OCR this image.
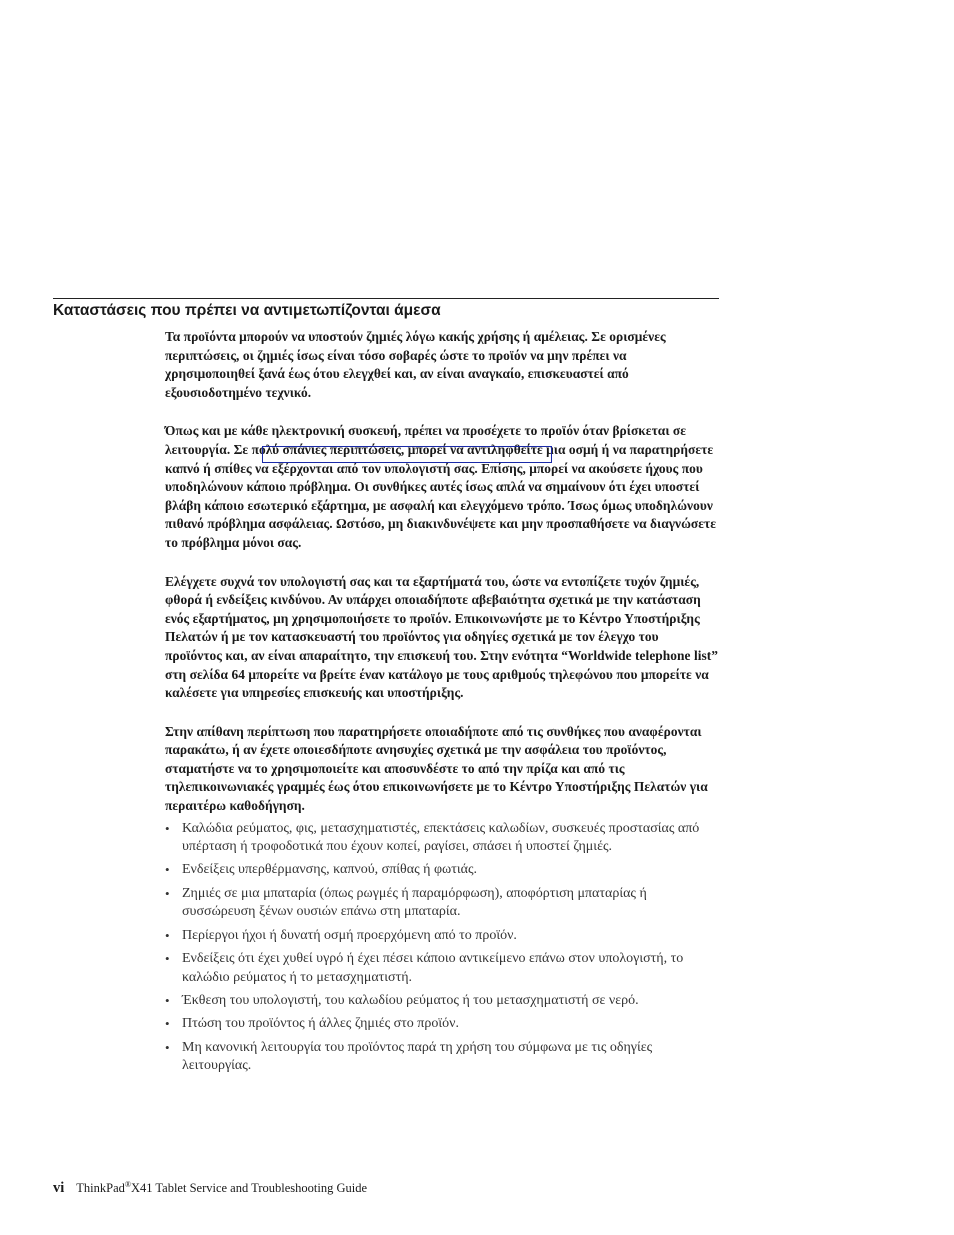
Καταστάσεις που πρέπει να αντιμετωπίζονται άμεσα

Τα προϊόντα μπορούν να υποστούν ζημιές λόγω κακής χρήσης ή αμέλειας. Σε ορισμένες περιπτώσεις, οι ζημιές ίσως είναι τόσο σοβαρές ώστε το προϊόν να μην πρέπει να χρησιμοποιηθεί ξανά έως ότου ελεγχθεί και, αν είναι αναγκαίο, επισκευαστεί από εξουσιοδοτημένο τεχνικό.

Όπως και με κάθε ηλεκτρονική συσκευή, πρέπει να προσέχετε το προϊόν όταν βρίσκεται σε λειτουργία. Σε πολύ σπάνιες περιπτώσεις, μπορεί να αντιληφθείτε μια οσμή ή να παρατηρήσετε καπνό ή σπίθες να εξέρχονται από τον υπολογιστή σας. Επίσης, μπορεί να ακούσετε ήχους που υποδηλώνουν κάποιο πρόβλημα. Οι συνθήκες αυτές ίσως απλά να σημαίνουν ότι έχει υποστεί βλάβη κάποιο εσωτερικό εξάρτημα, με ασφαλή και ελεγχόμενο τρόπο. Ίσως όμως υποδηλώνουν πιθανό πρόβλημα ασφάλειας. Ωστόσο, μη διακινδυνέψετε και μην προσπαθήσετε να διαγνώσετε το πρόβλημα μόνοι σας.

Ελέγχετε συχνά τον υπολογιστή σας και τα εξαρτήματά του, ώστε να εντοπίζετε τυχόν ζημιές, φθορά ή ενδείξεις κινδύνου. Αν υπάρχει οποιαδήποτε αβεβαιότητα σχετικά με την κατάσταση ενός εξαρτήματος, μη χρησιμοποιήσετε το προϊόν. Επικοινωνήστε με το Κέντρο Υποστήριξης Πελατών ή με τον κατασκευαστή του προϊόντος για οδηγίες σχετικά με τον έλεγχο του προϊόντος και, αν είναι απαραίτητο, την επισκευή του. Στην ενότητα “Worldwide telephone list” στη σελίδα 64 μπορείτε να βρείτε έναν κατάλογο με τους αριθμούς τηλεφώνου που μπορείτε να καλέσετε για υπηρεσίες επισκευής και υποστήριξης.

Στην απίθανη περίπτωση που παρατηρήσετε οποιαδήποτε από τις συνθήκες που αναφέρονται παρακάτω, ή αν έχετε οποιεσδήποτε ανησυχίες σχετικά με την ασφάλεια του προϊόντος, σταματήστε να το χρησιμοποιείτε και αποσυνδέστε το από την πρίζα και από τις τηλεπικοινωνιακές γραμμές έως ότου επικοινωνήσετε με το Κέντρο Υποστήριξης Πελατών για περαιτέρω καθοδήγηση.

• Καλώδια ρεύματος, φις, μετασχηματιστές, επεκτάσεις καλωδίων, συσκευές προστασίας από υπέρταση ή τροφοδοτικά που έχουν κοπεί, ραγίσει, σπάσει ή υποστεί ζημιές.
• Ενδείξεις υπερθέρμανσης, καπνού, σπίθας ή φωτιάς.
• Ζημιές σε μια μπαταρία (όπως ρωγμές ή παραμόρφωση), αποφόρτιση μπαταρίας ή συσσώρευση ξένων ουσιών επάνω στη μπαταρία.
• Περίεργοι ήχοι ή δυνατή οσμή προερχόμενη από το προϊόν.
• Ενδείξεις ότι έχει χυθεί υγρό ή έχει πέσει κάποιο αντικείμενο επάνω στον υπολογιστή, το καλώδιο ρεύματος ή το μετασχηματιστή.
• Έκθεση του υπολογιστή, του καλωδίου ρεύματος ή του μετασχηματιστή σε νερό.
• Πτώση του προϊόντος ή άλλες ζημιές στο προϊόν.
• Μη κανονική λειτουργία του προϊόντος παρά τη χρήση του σύμφωνα με τις οδηγίες λειτουργίας.
vi ThinkPad®X41 Tablet Service and Troubleshooting Guide
